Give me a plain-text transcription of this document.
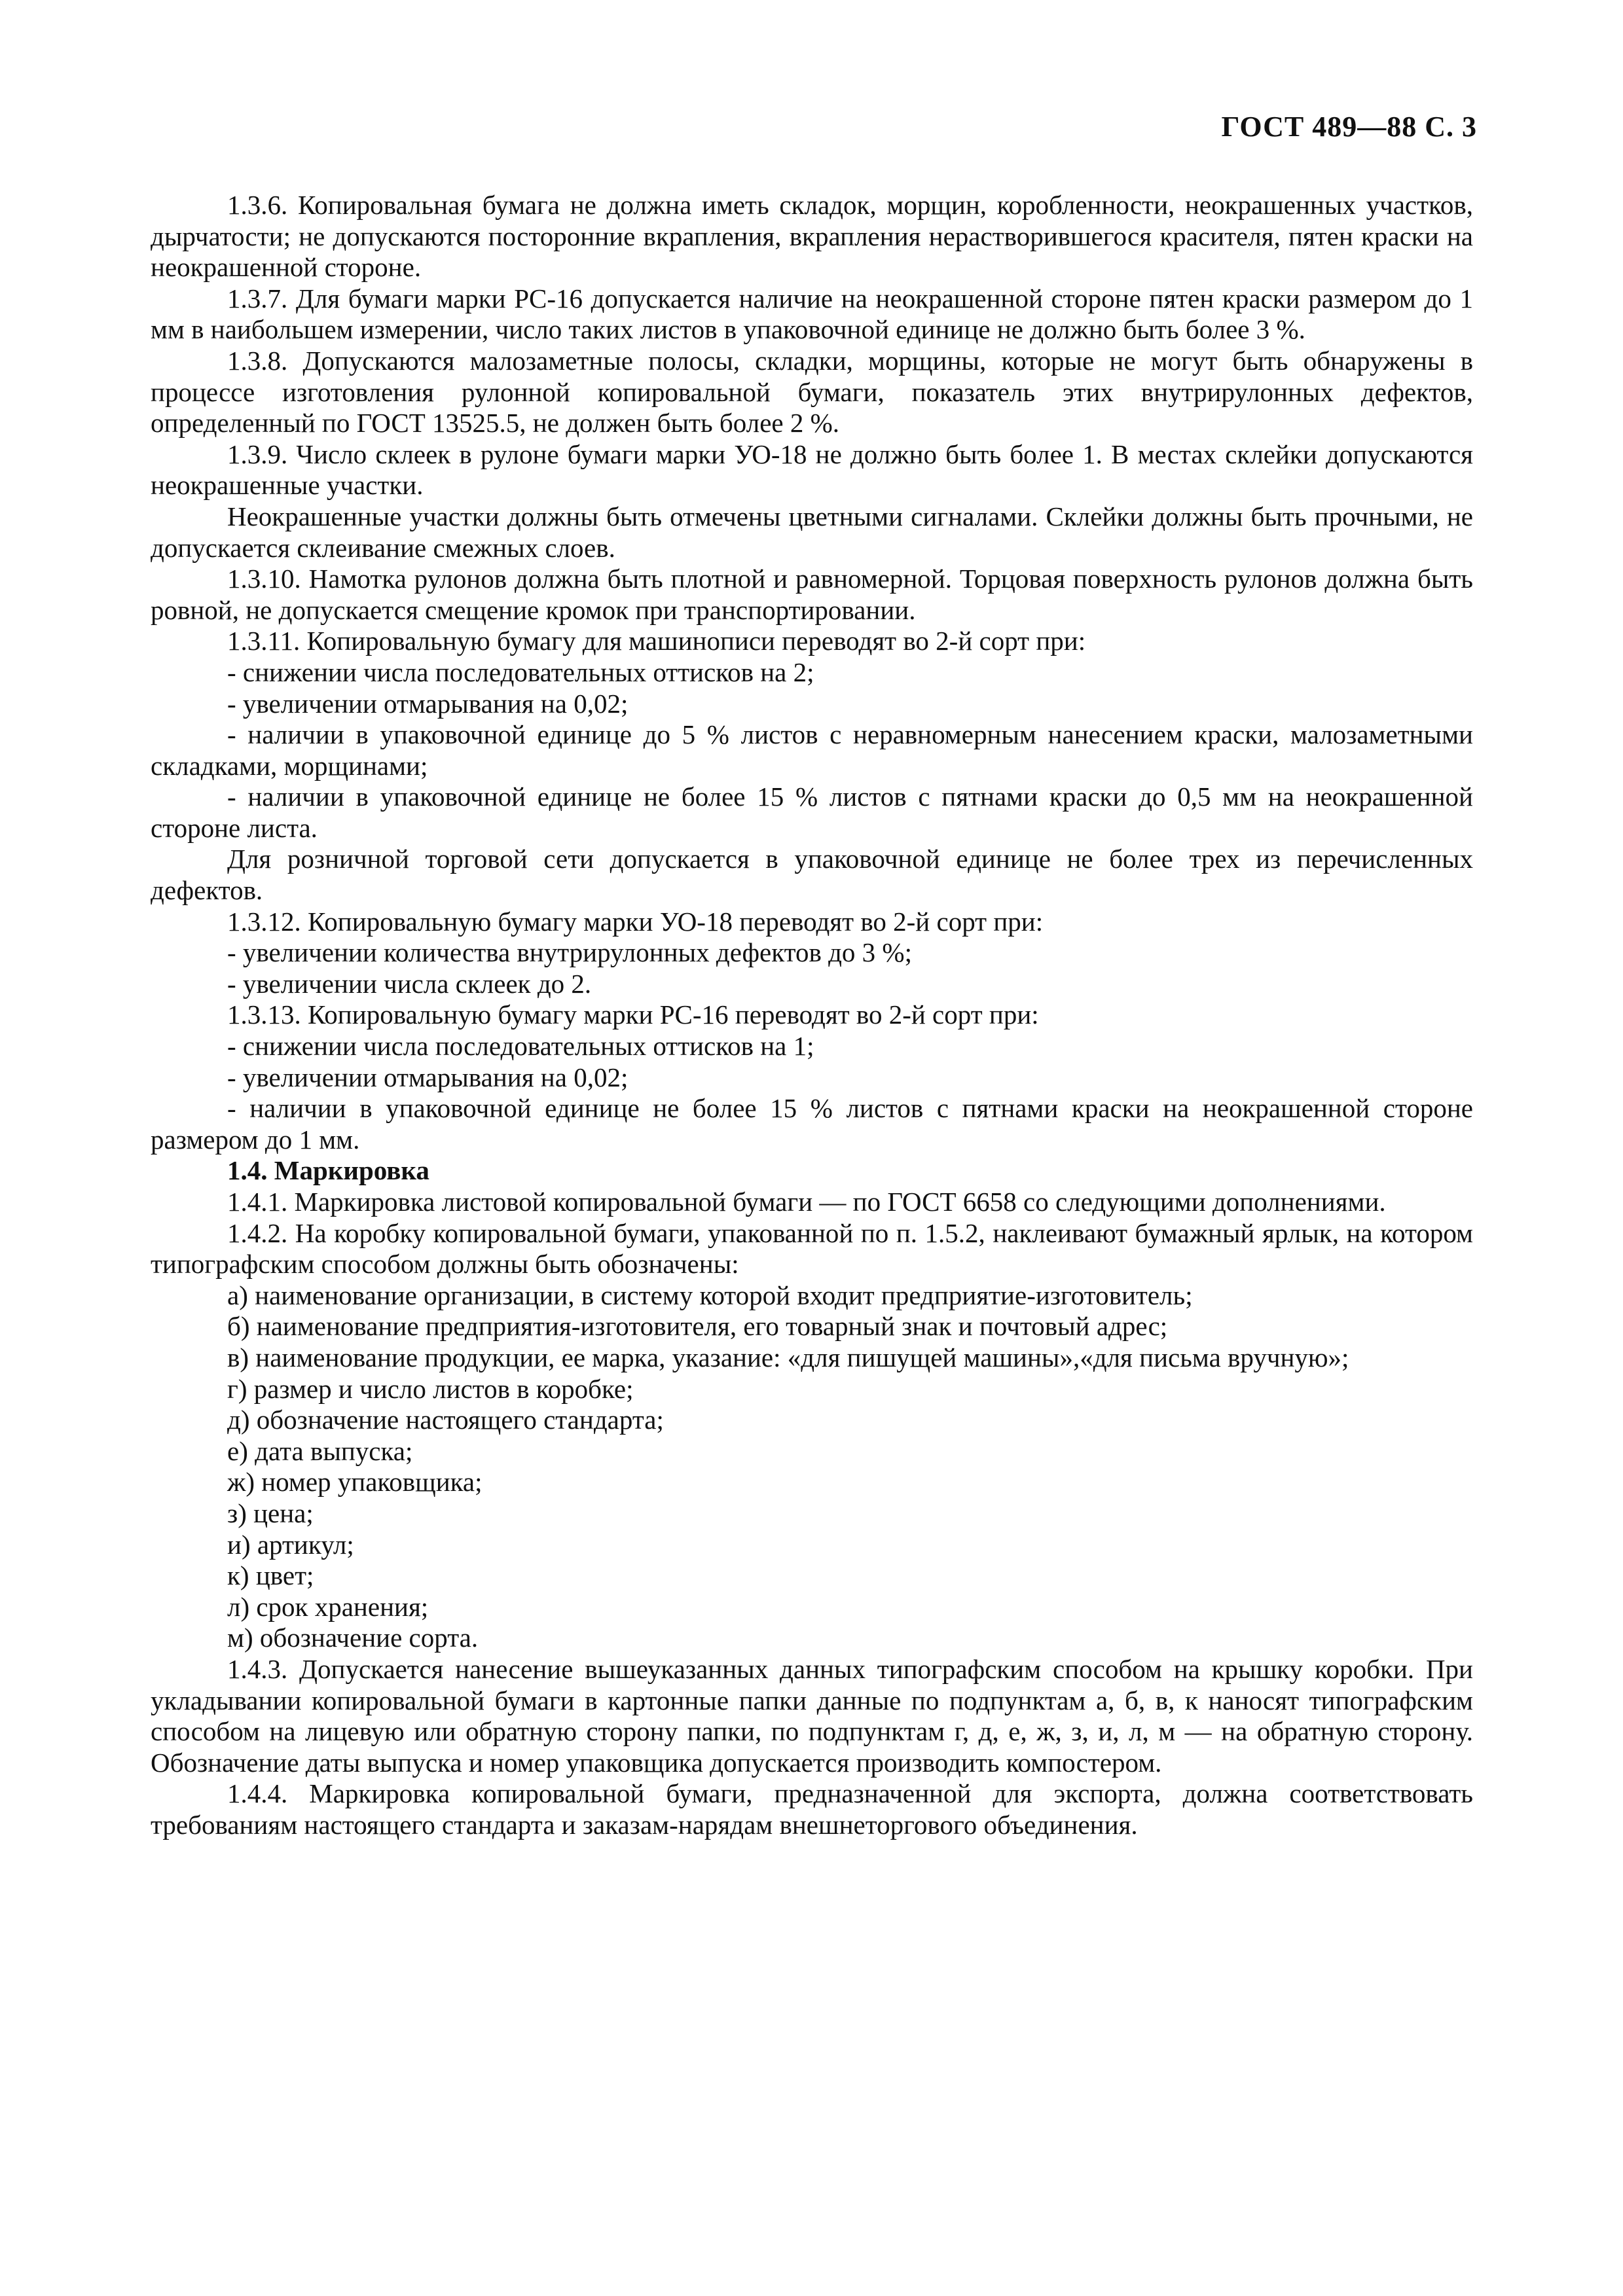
ГОСТ 489—88 С. 3

1.3.6. Копировальная бумага не должна иметь складок, морщин, коробленности, неокрашенных участков, дырчатости; не допускаются посторонние вкрапления, вкрапления нерастворившегося красителя, пятен краски на неокрашенной стороне.

1.3.7. Для бумаги марки PC-16 допускается наличие на неокрашенной стороне пятен краски размером до 1 мм в наибольшем измерении, число таких листов в упаковочной единице не должно быть более 3 %.

1.3.8. Допускаются малозаметные полосы, складки, морщины, которые не могут быть обнаружены в процессе изготовления рулонной копировальной бумаги, показатель этих внутрирулонных дефектов, определенный по ГОСТ 13525.5, не должен быть более 2 %.

1.3.9. Число склеек в рулоне бумаги марки УО-18 не должно быть более 1. В местах склейки допускаются неокрашенные участки.

Неокрашенные участки должны быть отмечены цветными сигналами. Склейки должны быть прочными, не допускается склеивание смежных слоев.

1.3.10. Намотка рулонов должна быть плотной и равномерной. Торцовая поверхность рулонов должна быть ровной, не допускается смещение кромок при транспортировании.

1.3.11. Копировальную бумагу для машинописи переводят во 2-й сорт при:

- снижении числа последовательных оттисков на 2;

- увеличении отмарывания на 0,02;

- наличии в упаковочной единице до 5 % листов с неравномерным нанесением краски, малозаметными складками, морщинами;

- наличии в упаковочной единице не более 15 % листов с пятнами краски до 0,5 мм на неокрашенной стороне листа.

Для розничной торговой сети допускается в упаковочной единице не более трех из перечисленных дефектов.

1.3.12. Копировальную бумагу марки УО-18 переводят во 2-й сорт при:

- увеличении количества внутрирулонных дефектов до 3 %;

- увеличении числа склеек до 2.

1.3.13. Копировальную бумагу марки PC-16 переводят во 2-й сорт при:

- снижении числа последовательных оттисков на 1;

- увеличении отмарывания на 0,02;

- наличии в упаковочной единице не более 15 % листов с пятнами краски на неокрашенной стороне размером до 1 мм.

1.4. Маркировка

1.4.1. Маркировка листовой копировальной бумаги — по ГОСТ 6658 со следующими дополнениями.

1.4.2. На коробку копировальной бумаги, упакованной по п. 1.5.2, наклеивают бумажный ярлык, на котором типографским способом должны быть обозначены:

а) наименование организации, в систему которой входит предприятие-изготовитель;

б) наименование предприятия-изготовителя, его товарный знак и почтовый адрес;

в) наименование продукции, ее марка, указание: «для пишущей машины»,«для письма вручную»;

г) размер и число листов в коробке;

д) обозначение настоящего стандарта;

е) дата выпуска;

ж) номер упаковщика;

з) цена;

и) артикул;

к) цвет;

л) срок хранения;

м) обозначение сорта.

1.4.3. Допускается нанесение вышеуказанных данных типографским способом на крышку коробки. При укладывании копировальной бумаги в картонные папки данные по подпунктам а, б, в, к наносят типографским способом на лицевую или обратную сторону папки, по подпунктам г, д, е, ж, з, и, л, м — на обратную сторону. Обозначение даты выпуска и номер упаковщика допускается производить компостером.

1.4.4. Маркировка копировальной бумаги, предназначенной для экспорта, должна соответствовать требованиям настоящего стандарта и заказам-нарядам внешнеторгового объединения.
